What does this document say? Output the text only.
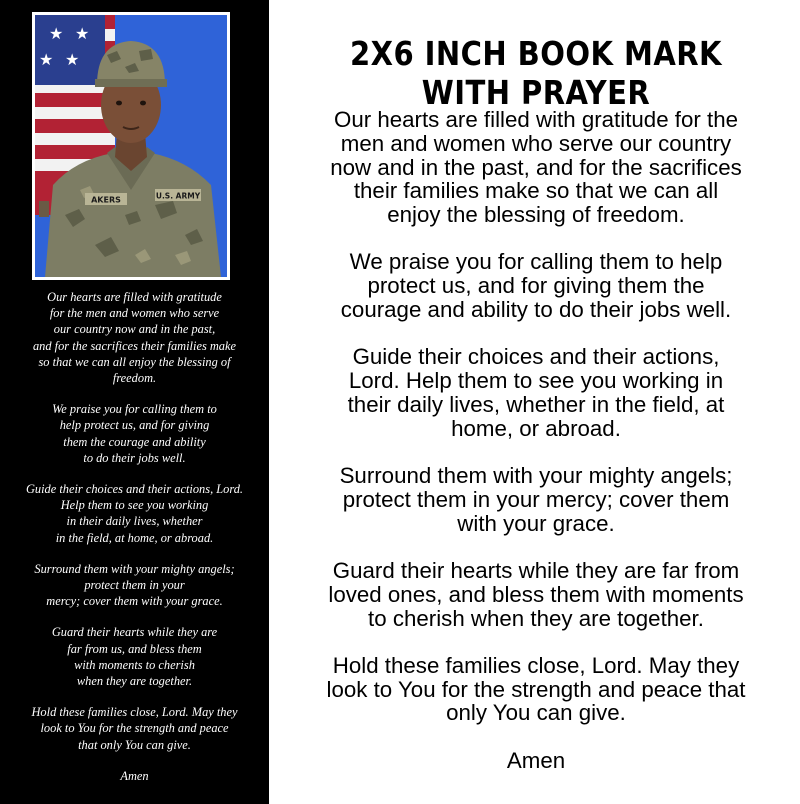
★ ★
★ ★
AKERS	U.S. ARMY

Our hearts are filled with gratitude
for the men and women who serve
our country now and in the past,
and for the sacrifices their families make
so that we can all enjoy the blessing of
freedom.

We praise you for calling them to
help protect us, and for giving
them the courage and ability
to do their jobs well.

Guide their choices and their actions, Lord.
Help them to see you working
in their daily lives, whether
in the field, at home, or abroad.

Surround them with your mighty angels;
protect them in your
mercy; cover them with your grace.

Guard their hearts while they are
far from us, and bless them
with moments to cherish
when they are together.

Hold these families close, Lord. May they
look to You for the strength and peace
that only You can give.

Amen

2X6 INCH BOOK MARK WITH PRAYER

Our hearts are filled with gratitude for the
men and women who serve our country
now and in the past, and for the sacrifices
their families make so that we can all
enjoy the blessing of freedom.

We praise you for calling them to help
protect us, and for giving them the
courage and ability to do their jobs well.

Guide their choices and their actions,
Lord. Help them to see you working in
their daily lives, whether in the field, at
home, or abroad.

Surround them with your mighty angels;
protect them in your mercy; cover them
with your grace.

Guard their hearts while they are far from
loved ones, and bless them with moments
to cherish when they are together.

Hold these families close, Lord. May they
look to You for the strength and peace that
only You can give.

Amen
